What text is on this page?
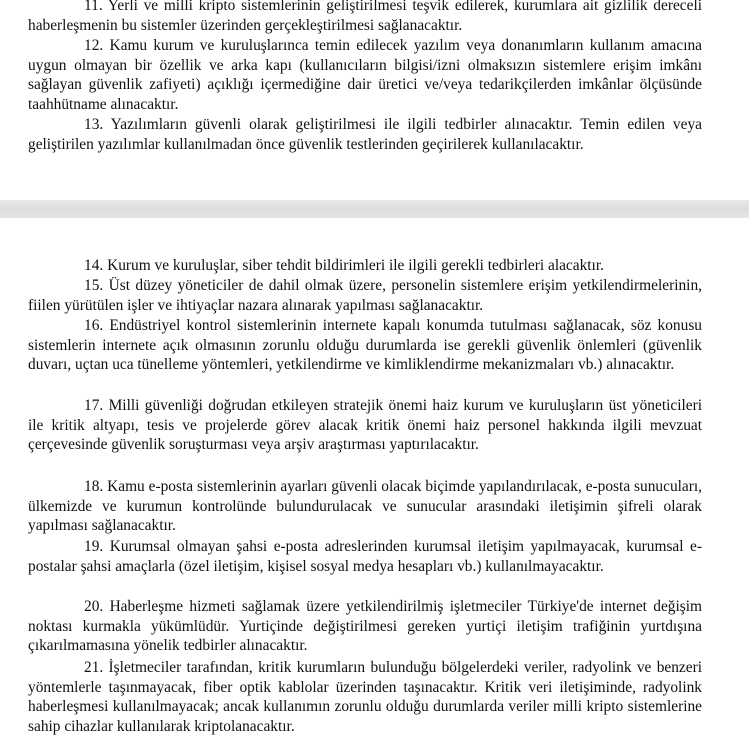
11. Yerli ve milli kripto sistemlerinin geliştirilmesi teşvik edilerek, kurumlara ait gizlilik dereceli haberleşmenin bu sistemler üzerinden gerçekleştirilmesi sağlanacaktır.

12. Kamu kurum ve kuruluşlarınca temin edilecek yazılım veya donanımların kullanım amacına uygun olmayan bir özellik ve arka kapı (kullanıcıların bilgisi/izni olmaksızın sistemlere erişim imkânı sağlayan güvenlik zafiyeti) açıklığı içermediğine dair üretici ve/veya tedarikçilerden imkânlar ölçüsünde taahhütname alınacaktır.

13. Yazılımların güvenli olarak geliştirilmesi ile ilgili tedbirler alınacaktır. Temin edilen veya geliştirilen yazılımlar kullanılmadan önce güvenlik testlerinden geçirilerek kullanılacaktır.

14. Kurum ve kuruluşlar, siber tehdit bildirimleri ile ilgili gerekli tedbirleri alacaktır.

15. Üst düzey yöneticiler de dahil olmak üzere, personelin sistemlere erişim yetkilendirmelerinin, fiilen yürütülen işler ve ihtiyaçlar nazara alınarak yapılması sağlanacaktır.

16. Endüstriyel kontrol sistemlerinin internete kapalı konumda tutulması sağlanacak, söz konusu sistemlerin internete açık olmasının zorunlu olduğu durumlarda ise gerekli güvenlik önlemleri (güvenlik duvarı, uçtan uca tünelleme yöntemleri, yetkilendirme ve kimliklendirme mekanizmaları vb.) alınacaktır.

17. Milli güvenliği doğrudan etkileyen stratejik önemi haiz kurum ve kuruluşların üst yöneticileri ile kritik altyapı, tesis ve projelerde görev alacak kritik önemi haiz personel hakkında ilgili mevzuat çerçevesinde güvenlik soruşturması veya arşiv araştırması yaptırılacaktır.

18. Kamu e-posta sistemlerinin ayarları güvenli olacak biçimde yapılandırılacak, e-posta sunucuları, ülkemizde ve kurumun kontrolünde bulundurulacak ve sunucular arasındaki iletişimin şifreli olarak yapılması sağlanacaktır.

19. Kurumsal olmayan şahsi e-posta adreslerinden kurumsal iletişim yapılmayacak, kurumsal e-postalar şahsi amaçlarla (özel iletişim, kişisel sosyal medya hesapları vb.) kullanılmayacaktır.

20. Haberleşme hizmeti sağlamak üzere yetkilendirilmiş işletmeciler Türkiye'de internet değişim noktası kurmakla yükümlüdür. Yurtiçinde değiştirilmesi gereken yurtiçi iletişim trafiğinin yurtdışına çıkarılmamasına yönelik tedbirler alınacaktır.

21. İşletmeciler tarafından, kritik kurumların bulunduğu bölgelerdeki veriler, radyolink ve benzeri yöntemlerle taşınmayacak, fiber optik kablolar üzerinden taşınacaktır. Kritik veri iletişiminde, radyolink haberleşmesi kullanılmayacak; ancak kullanımın zorunlu olduğu durumlarda veriler milli kripto sistemlerine sahip cihazlar kullanılarak kriptolanacaktır.
